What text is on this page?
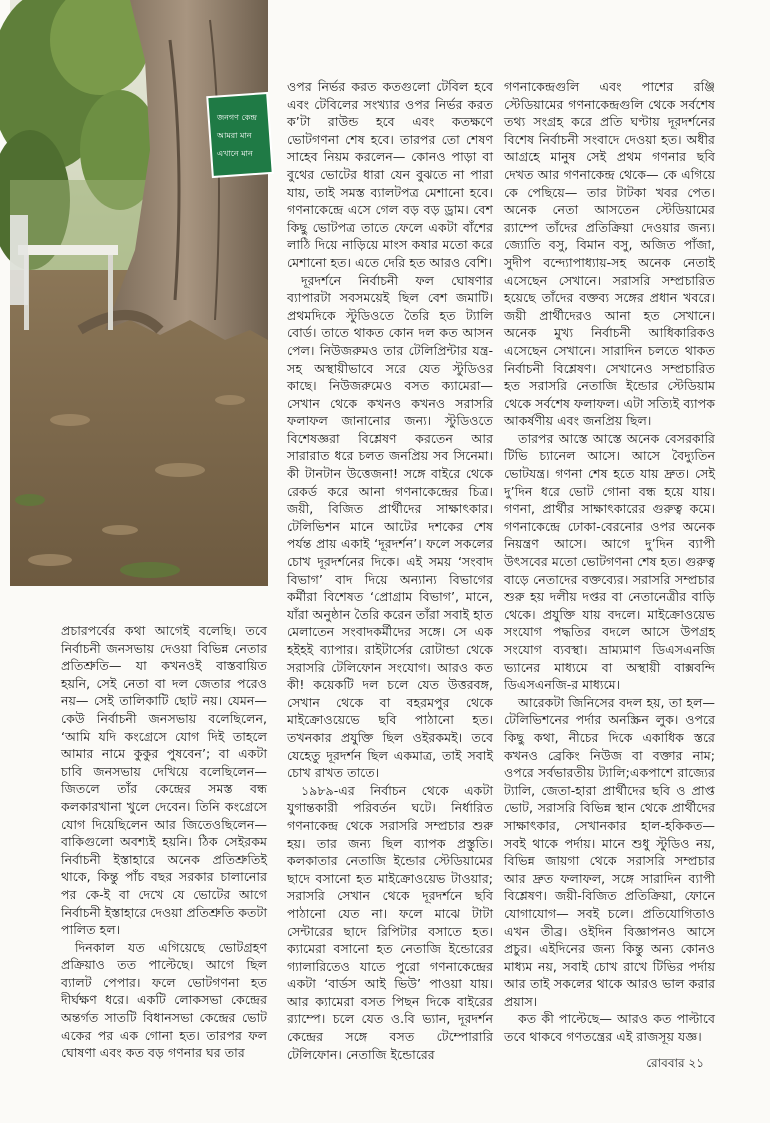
জনগণ কেন্দ্র
আমরা মান
এখানে মান

প্রচারপর্বের কথা আগেই বলেছি। তবে নির্বাচনী জনসভায় দেওয়া বিভিন্ন নেতার প্রতিশ্রুতি— যা কখনওই বাস্তবায়িত হয়নি, সেই নেতা বা দল জেতার পরেও নয়— সেই তালিকাটি ছোট নয়। যেমন— কেউ নির্বাচনী জনসভায় বলেছিলেন, ‘আমি যদি কংগ্রেসে যোগ দিই তাহলে আমার নামে কুকুর পুষবেন’; বা একটা চাবি জনসভায় দেখিয়ে বলেছিলেন— জিতলে তাঁর কেন্দ্রের সমস্ত বন্ধ কলকারখানা খুলে দেবেন। তিনি কংগ্রেসে যোগ দিয়েছিলেন আর জিতেওছিলেন— বাকিগুলো অবশ্যই হয়নি। ঠিক সেইরকম নির্বাচনী ইস্তাহারে অনেক প্রতিশ্রুতিই থাকে, কিন্তু পাঁচ বছর সরকার চালানোর পর কে-ই বা দেখে যে ভোটের আগে নির্বাচনী ইস্তাহারে দেওয়া প্রতিশ্রুতি কতটা পালিত হল।

দিনকাল যত এগিয়েছে ভোটগ্রহণ প্রক্রিয়াও তত পাল্টেছে। আগে ছিল ব্যালট পেপার। ফলে ভোটগণনা হত দীর্ঘক্ষণ ধরে। একটি লোকসভা কেন্দ্রের অন্তর্গত সাতটি বিধানসভা কেন্দ্রের ভোট একের পর এক গোনা হত। তারপর ফল ঘোষণা এবং কত বড় গণনার ঘর তার

ওপর নির্ভর করত কতগুলো টেবিল হবে এবং টেবিলের সংখ্যার ওপর নির্ভর করত ক’টা রাউন্ড হবে এবং কতক্ষণে ভোটগণনা শেষ হবে। তারপর তো শেষণ সাহেব নিয়ম করলেন— কোনও পাড়া বা বুথের ভোটের ধারা যেন বুঝতে না পারা যায়, তাই সমস্ত ব্যালটপত্র মেশানো হবে। গণনাকেন্দ্রে এসে গেল বড় বড় ড্রাম। বেশ কিছু ভোটপত্র তাতে ফেলে একটা বাঁশের লাঠি দিয়ে নাড়িয়ে মাংস কষার মতো করে মেশানো হত। এতে দেরি হত আরও বেশি।

দূরদর্শনে নির্বাচনী ফল ঘোষণার ব্যাপারটা সবসময়েই ছিল বেশ জমাটি। প্রথমদিকে স্টুডিওতে তৈরি হত ট্যালি বোর্ড। তাতে থাকত কোন দল কত আসন পেল। নিউজরুমও তার টেলিপ্রিন্টার যন্ত্র-সহ অস্থায়ীভাবে সরে যেত স্টুডিওর কাছে। নিউজরুমেও বসত ক্যামেরা— সেখান থেকে কখনও কখনও সরাসরি ফলাফল জানানোর জন্য। স্টুডিওতে বিশেষজ্ঞরা বিশ্লেষণ করতেন আর সারারাত ধরে চলত জনপ্রিয় সব সিনেমা। কী টানটান উত্তেজনা! সঙ্গে বাইরে থেকে রেকর্ড করে আনা গণনাকেন্দ্রের চিত্র। জয়ী, বিজিত প্রার্থীদের সাক্ষাৎকার। টেলিভিশন মানে আটের দশকের শেষ পর্যন্ত প্রায় একাই ‘দূরদর্শন’। ফলে সকলের চোখ দূরদর্শনের দিকে। এই সময় ‘সংবাদ বিভাগ’ বাদ দিয়ে অন্যান্য বিভাগের কর্মীরা বিশেষত ‘প্রোগ্রাম বিভাগ’, মানে, যাঁরা অনুষ্ঠান তৈরি করেন তাঁরা সবাই হাত মেলাতেন সংবাদকর্মীদের সঙ্গে। সে এক হইহই ব্যাপার। রাইটার্সের রোটান্ডা থেকে সরাসরি টেলিফোন সংযোগ। আরও কত কী! কয়েকটি দল চলে যেত উত্তরবঙ্গ, সেখান থেকে বা বহরমপুর থেকে মাইক্রোওয়েভে ছবি পাঠানো হত। তখনকার প্রযুক্তি ছিল ওইরকমই। তবে যেহেতু দূরদর্শন ছিল একমাত্র, তাই সবাই চোখ রাখত তাতে।

১৯৮৯-এর নির্বাচন থেকে একটা যুগান্তকারী পরিবর্তন ঘটে। নির্ধারিত গণনাকেন্দ্র থেকে সরাসরি সম্প্রচার শুরু হয়। তার জন্য ছিল ব্যাপক প্রস্তুতি। কলকাতার নেতাজি ইন্ডোর স্টেডিয়ামের ছাদে বসানো হত মাইক্রোওয়েভ টাওয়ার; সরাসরি সেখান থেকে দূরদর্শনে ছবি পাঠানো যেত না। ফলে মাঝে টাটা সেন্টারের ছাদে রিপিটার বসাতে হত। ক্যামেরা বসানো হত নেতাজি ইন্ডোরের গ্যালারিতেও যাতে পুরো গণনাকেন্দ্রের একটা ‘বার্ডস আই ভিউ’ পাওয়া যায়। আর ক্যামেরা বসত পিছন দিকে বাইরের র‍্যাম্পে। চলে যেত ও.বি ভ্যান, দূরদর্শন কেন্দ্রের সঙ্গে বসত টেম্পোরারি টেলিফোন। নেতাজি ইন্ডোরের

গণনাকেন্দ্রগুলি এবং পাশের রঞ্জি স্টেডিয়ামের গণনাকেন্দ্রগুলি থেকে সর্বশেষ তথ্য সংগ্রহ করে প্রতি ঘণ্টায় দূরদর্শনের বিশেষ নির্বাচনী সংবাদে দেওয়া হত। অধীর আগ্রহে মানুষ সেই প্রথম গণনার ছবি দেখত আর গণনাকেন্দ্র থেকে— কে এগিয়ে কে পেছিয়ে— তার টাটকা খবর পেত। অনেক নেতা আসতেন স্টেডিয়ামের র‍্যাম্পে তাঁদের প্রতিক্রিয়া দেওয়ার জন্য। জ্যোতি বসু, বিমান বসু, অজিত পাঁজা, সুদীপ বন্দ্যোপাধ্যায়-সহ অনেক নেতাই এসেছেন সেখানে। সরাসরি সম্প্রচারিত হয়েছে তাঁদের বক্তব্য সঙ্গের প্রধান খবরে। জয়ী প্রার্থীদেরও আনা হত সেখানে। অনেক মুখ্য নির্বাচনী আধিকারিকও এসেছেন সেখানে। সারাদিন চলতে থাকত নির্বাচনী বিশ্লেষণ। সেখানেও সম্প্রচারিত হত সরাসরি নেতাজি ইন্ডোর স্টেডিয়াম থেকে সর্বশেষ ফলাফল। এটা সত্যিই ব্যাপক আকর্ষণীয় এবং জনপ্রিয় ছিল।

তারপর আস্তে আস্তে অনেক বেসরকারি টিভি চ্যানেল আসে। আসে বৈদ্যুতিন ভোটযন্ত্র। গণনা শেষ হতে যায় দ্রুত। সেই দু’দিন ধরে ভোট গোনা বন্ধ হয়ে যায়। গণনা, প্রার্থীর সাক্ষাৎকারের গুরুত্ব কমে। গণনাকেন্দ্রে ঢোকা-বেরনোর ওপর অনেক নিয়ন্ত্রণ আসে। আগে দু’দিন ব্যাপী উৎসবের মতো ভোটগণনা শেষ হত। গুরুত্ব বাড়ে নেতাদের বক্তব্যের। সরাসরি সম্প্রচার শুরু হয় দলীয় দপ্তর বা নেতানেত্রীর বাড়ি থেকে। প্রযুক্তি যায় বদলে। মাইক্রোওয়েভ সংযোগ পদ্ধতির বদলে আসে উপগ্রহ সংযোগ ব্যবস্থা। ভ্রাম্যমাণ ডিএসএনজি ভ্যানের মাধ্যমে বা অস্থায়ী বাক্সবন্দি ডিএসএনজি-র মাধ্যমে।

আরেকটা জিনিসের বদল হয়, তা হল— টেলিভিশনের পর্দার অনস্ক্রিন লুক। ওপরে কিছু কথা, নীচের দিকে একাধিক স্তরে কখনও ব্রেকিং নিউজ বা বক্তার নাম; ওপরে সর্বভারতীয় ট্যালি;একপাশে রাজ্যের ট্যালি, জেতা-হারা প্রার্থীদের ছবি ও প্রাপ্ত ভোট, সরাসরি বিভিন্ন স্থান থেকে প্রার্থীদের সাক্ষাৎকার, সেখানকার হাল-হকিকত— সবই থাকে পর্দায়। মানে শুধু স্টুডিও নয়, বিভিন্ন জায়গা থেকে সরাসরি সম্প্রচার আর দ্রুত ফলাফল, সঙ্গে সারাদিন ব্যাপী বিশ্লেষণ। জয়ী-বিজিত প্রতিক্রিয়া, ফোনে যোগাযোগ— সবই চলে। প্রতিযোগিতাও এখন তীব্র। ওইদিন বিজ্ঞাপনও আসে প্রচুর। এইদিনের জন্য কিন্তু অন্য কোনও মাধ্যম নয়, সবাই চোখ রাখে টিভির পর্দায় আর তাই সকলের থাকে আরও ভাল করার প্রয়াস।

কত কী পাল্টেছে— আরও কত পাল্টাবে তবে থাকবে গণতন্ত্রের এই রাজসূয় যজ্ঞ।

রোববার ২১
